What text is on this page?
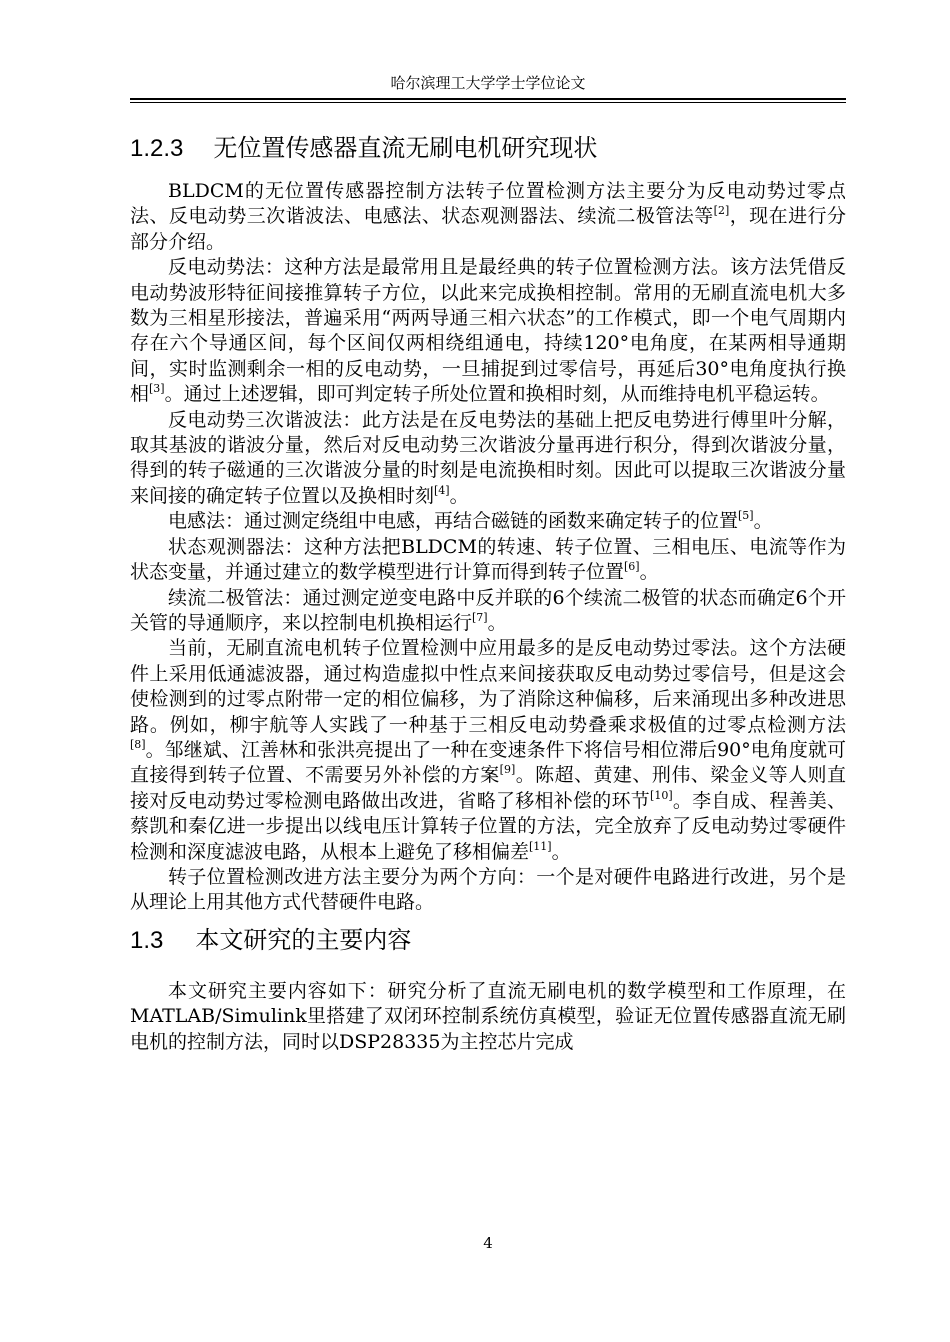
哈尔滨理工大学学士学位论文
1.2.3 无位置传感器直流无刷电机研究现状

BLDCM的无位置传感器控制方法转子位置检测方法主要分为反电动势过零点法、反电动势三次谐波法、电感法、状态观测器法、续流二极管法等[2]，现在进行分部分介绍。

反电动势法：这种方法是最常用且是最经典的转子位置检测方法。该方法凭借反电动势波形特征间接推算转子方位，以此来完成换相控制。常用的无刷直流电机大多数为三相星形接法，普遍采用“两两导通三相六状态”的工作模式，即一个电气周期内存在六个导通区间，每个区间仅两相绕组通电，持续120°电角度，在某两相导通期间，实时监测剩余一相的反电动势，一旦捕捉到过零信号，再延后30°电角度执行换相[3]。通过上述逻辑，即可判定转子所处位置和换相时刻，从而维持电机平稳运转。

反电动势三次谐波法：此方法是在反电势法的基础上把反电势进行傅里叶分解，取其基波的谐波分量，然后对反电动势三次谐波分量再进行积分，得到次谐波分量，得到的转子磁通的三次谐波分量的时刻是电流换相时刻。因此可以提取三次谐波分量来间接的确定转子位置以及换相时刻[4]。

电感法：通过测定绕组中电感，再结合磁链的函数来确定转子的位置[5]。

状态观测器法：这种方法把BLDCM的转速、转子位置、三相电压、电流等作为状态变量，并通过建立的数学模型进行计算而得到转子位置[6]。

续流二极管法：通过测定逆变电路中反并联的6个续流二极管的状态而确定6个开关管的导通顺序，来以控制电机换相运行[7]。

当前，无刷直流电机转子位置检测中应用最多的是反电动势过零法。这个方法硬件上采用低通滤波器，通过构造虚拟中性点来间接获取反电动势过零信号，但是这会使检测到的过零点附带一定的相位偏移，为了消除这种偏移，后来涌现出多种改进思路。例如，柳宇航等人实践了一种基于三相反电动势叠乘求极值的过零点检测方法[8]。邹继斌、江善林和张洪亮提出了一种在变速条件下将信号相位滞后90°电角度就可直接得到转子位置、不需要另外补偿的方案[9]。陈超、黄建、刑伟、梁金义等人则直接对反电动势过零检测电路做出改进，省略了移相补偿的环节[10]。李自成、程善美、蔡凯和秦亿进一步提出以线电压计算转子位置的方法，完全放弃了反电动势过零硬件检测和深度滤波电路，从根本上避免了移相偏差[11]。

转子位置检测改进方法主要分为两个方向：一个是对硬件电路进行改进，另个是从理论上用其他方式代替硬件电路。

1.3 本文研究的主要内容

本文研究主要内容如下：研究分析了直流无刷电机的数学模型和工作原理，在MATLAB/Simulink里搭建了双闭环控制系统仿真模型，验证无位置传感器直流无刷电机的控制方法，同时以DSP28335为主控芯片完成

4
